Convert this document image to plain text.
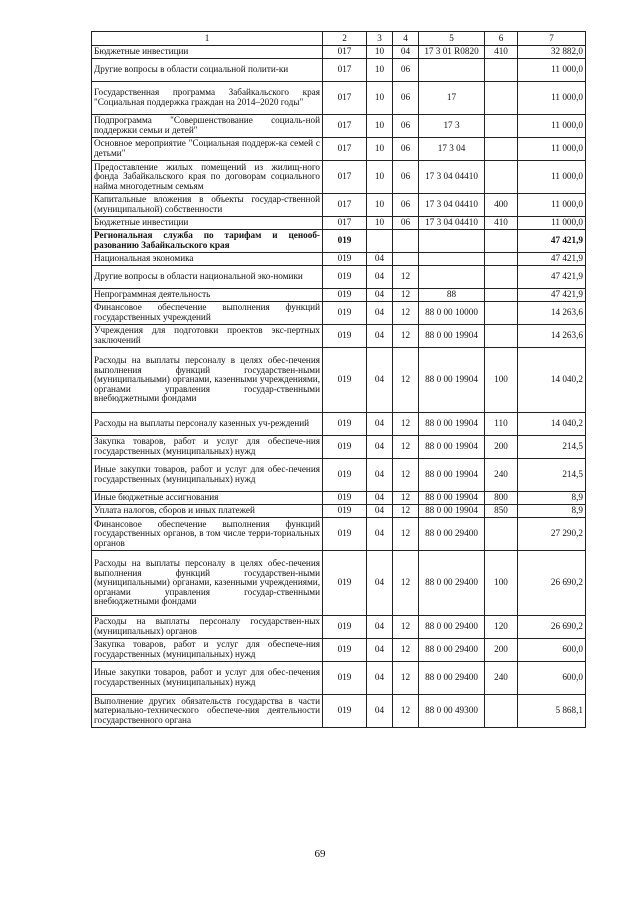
1	2	3	4	5	6	7
Бюджетные инвестиции	017	10	04	17 3 01 R0820	410	32 882,0
Другие вопросы в области социальной полити-ки	017	10	06			11 000,0
Государственная программа Забайкальского края "Социальная поддержка граждан на 2014–2020 годы"	017	10	06	17		11 000,0
Подпрограмма "Совершенствование социаль-ной поддержки семьи и детей"	017	10	06	17 3		11 000,0
Основное мероприятие "Социальная поддерж-ка семей с детьми"	017	10	06	17 3 04		11 000,0
Предоставление жилых помещений из жилищ-ного фонда Забайкальского края по договорам социального найма многодетным семьям	017	10	06	17 3 04 04410		11 000,0
Капитальные вложения в объекты государ-ственной (муниципальной) собственности	017	10	06	17 3 04 04410	400	11 000,0
Бюджетные инвестиции	017	10	06	17 3 04 04410	410	11 000,0
Региональная служба по тарифам и ценооб-разованию Забайкальского края	019					47 421,9
Национальная экономика	019	04				47 421,9
Другие вопросы в области национальной эко-номики	019	04	12			47 421,9
Непрограммная деятельность	019	04	12	88		47 421,9
Финансовое обеспечение выполнения функций государственных учреждений	019	04	12	88 0 00 10000		14 263,6
Учреждения для подготовки проектов экс-пертных заключений	019	04	12	88 0 00 19904		14 263,6
Расходы на выплаты персоналу в целях обес-печения выполнения функций государствен-ными (муниципальными) органами, казенными учреждениями, органами управления государ-ственными внебюджетными фондами	019	04	12	88 0 00 19904	100	14 040,2
Расходы на выплаты персоналу казенных уч-реждений	019	04	12	88 0 00 19904	110	14 040,2
Закупка товаров, работ и услуг для обеспече-ния государственных (муниципальных) нужд	019	04	12	88 0 00 19904	200	214,5
Иные закупки товаров, работ и услуг для обес-печения государственных (муниципальных) нужд	019	04	12	88 0 00 19904	240	214,5
Иные бюджетные ассигнования	019	04	12	88 0 00 19904	800	8,9
Уплата налогов, сборов и иных платежей	019	04	12	88 0 00 19904	850	8,9
Финансовое обеспечение выполнения функций государственных органов, в том числе терри-ториальных органов	019	04	12	88 0 00 29400		27 290,2
Расходы на выплаты персоналу в целях обес-печения выполнения функций государствен-ными (муниципальными) органами, казенными учреждениями, органами управления государ-ственными внебюджетными фондами	019	04	12	88 0 00 29400	100	26 690,2
Расходы на выплаты персоналу государствен-ных (муниципальных) органов	019	04	12	88 0 00 29400	120	26 690,2
Закупка товаров, работ и услуг для обеспече-ния государственных (муниципальных) нужд	019	04	12	88 0 00 29400	200	600,0
Иные закупки товаров, работ и услуг для обес-печения государственных (муниципальных) нужд	019	04	12	88 0 00 29400	240	600,0
Выполнение других обязательств государства в части материально-технического обеспече-ния деятельности государственного органа	019	04	12	88 0 00 49300		5 868,1
69
